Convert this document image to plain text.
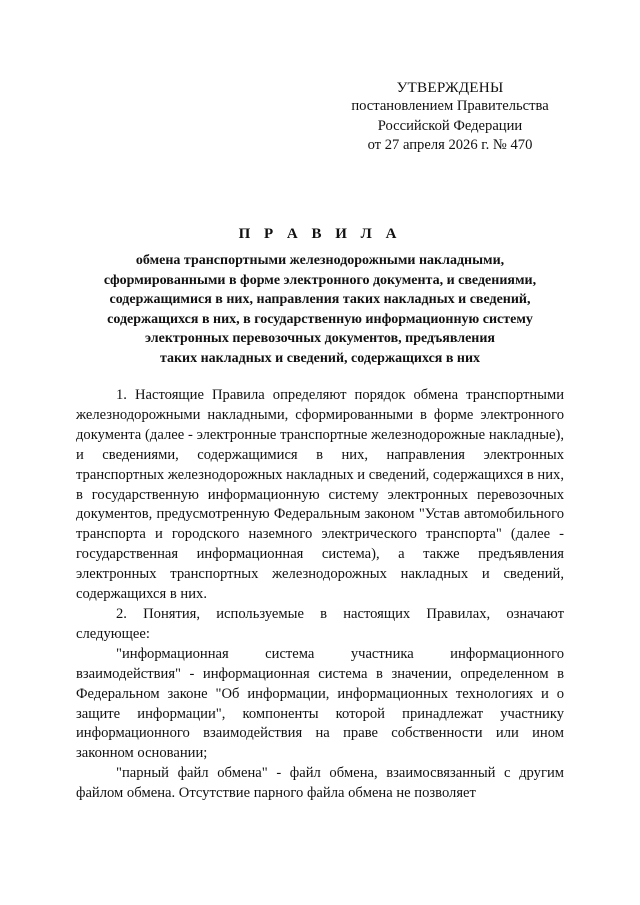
УТВЕРЖДЕНЫ
постановлением Правительства
Российской Федерации
от 27 апреля 2026 г. № 470
П Р А В И Л А
обмена транспортными железнодорожными накладными,
сформированными в форме электронного документа, и сведениями,
содержащимися в них, направления таких накладных и сведений,
содержащихся в них, в государственную информационную систему
электронных перевозочных документов, предъявления
таких накладных и сведений, содержащихся в них

1. Настоящие Правила определяют порядок обмена транспортными железнодорожными накладными, сформированными в форме электронного документа (далее - электронные транспортные железнодорожные накладные), и сведениями, содержащимися в них, направления электронных транспортных железнодорожных накладных и сведений, содержащихся в них, в государственную информационную систему электронных перевозочных документов, предусмотренную Федеральным законом "Устав автомобильного транспорта и городского наземного электрического транспорта" (далее - государственная информационная система), а также предъявления электронных транспортных железнодорожных накладных и сведений, содержащихся в них.

2. Понятия, используемые в настоящих Правилах, означают следующее:

"информационная система участника информационного взаимодействия" - информационная система в значении, определенном в Федеральном законе "Об информации, информационных технологиях и о защите информации", компоненты которой принадлежат участнику информационного взаимодействия на праве собственности или ином законном основании;

"парный файл обмена" - файл обмена, взаимосвязанный с другим файлом обмена. Отсутствие парного файла обмена не позволяет
